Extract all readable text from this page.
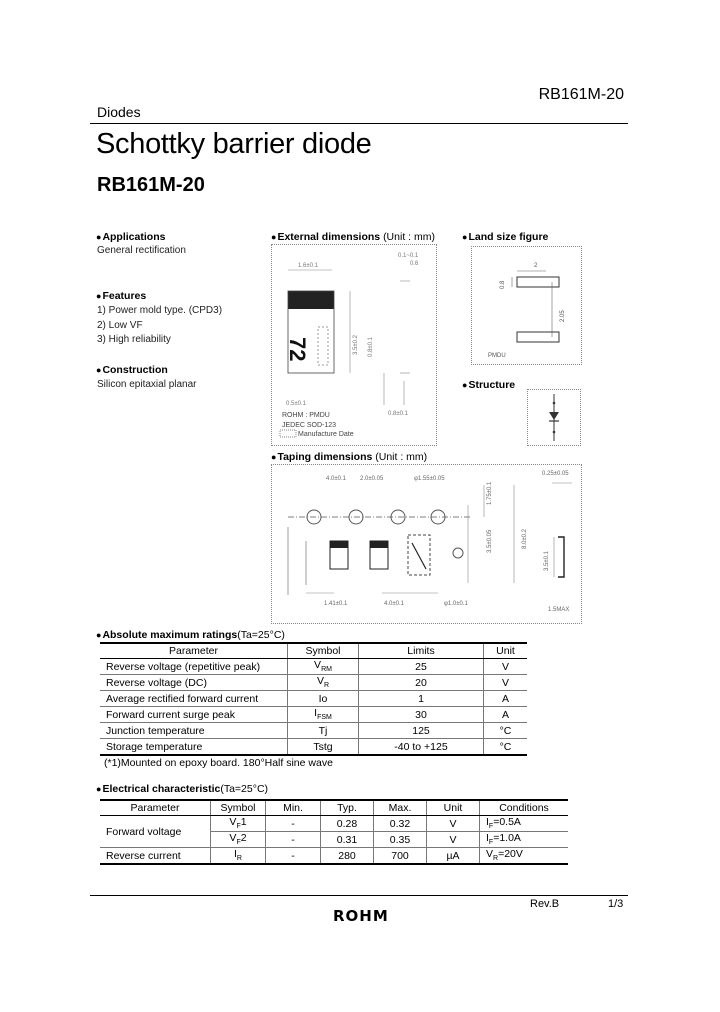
RB161M-20
Diodes
Schottky barrier diode
RB161M-20
●Applications
General rectification
●Features
1) Power mold type. (CPD3)
2) Low VF
3) High reliability
●Construction
Silicon epitaxial planar
●External dimensions (Unit : mm)
1.6±0.1
0.1~0.1
0.6
72	3.5±0.2 0.8±0.1
0.5±0.1
0.8±0.1
ROHM : PMDU
JEDEC SOD-123
Manufacture Date
●Land size figure
2
0.8
2.05
PMDU
●Structure
●Taping dimensions (Unit : mm)
4.0±0.1 2.0±0.05	φ1.55±0.05
0.25±0.05
1.75±0.1
3.5±0.05	8.0±0.2
3.5±0.1
1.41±0.1	4.0±0.1	φ1.0±0.1
1.5MAX
●Absolute maximum ratings(Ta=25°C)
Parameter	Symbol	Limits	Unit
Reverse voltage (repetitive peak)	$V_{RM}$	25	V
Reverse voltage (DC)	$V_R$	20	V
Average rectified forward current	Io	1	A
Forward current surge peak	$I_{FSM}$	30	A
Junction temperature	Tj	125	°C
Storage temperature	Tstg	-40 to +125	°C
(*1)Mounted on epoxy board. 180°Half sine wave
●Electrical characteristic(Ta=25°C)
Parameter	Symbol	Min.	Typ.	Max.	Unit	Conditions
Forward voltage	$V_F1$	-	0.28	0.32	V	$I_F=0.5A$
	$V_F2$	-	0.31	0.35	V	$I_F=1.0A$
Reverse current	$I_R$	-	280	700	µA	$V_R=20V$
Rev.B	1/3
ROHM
